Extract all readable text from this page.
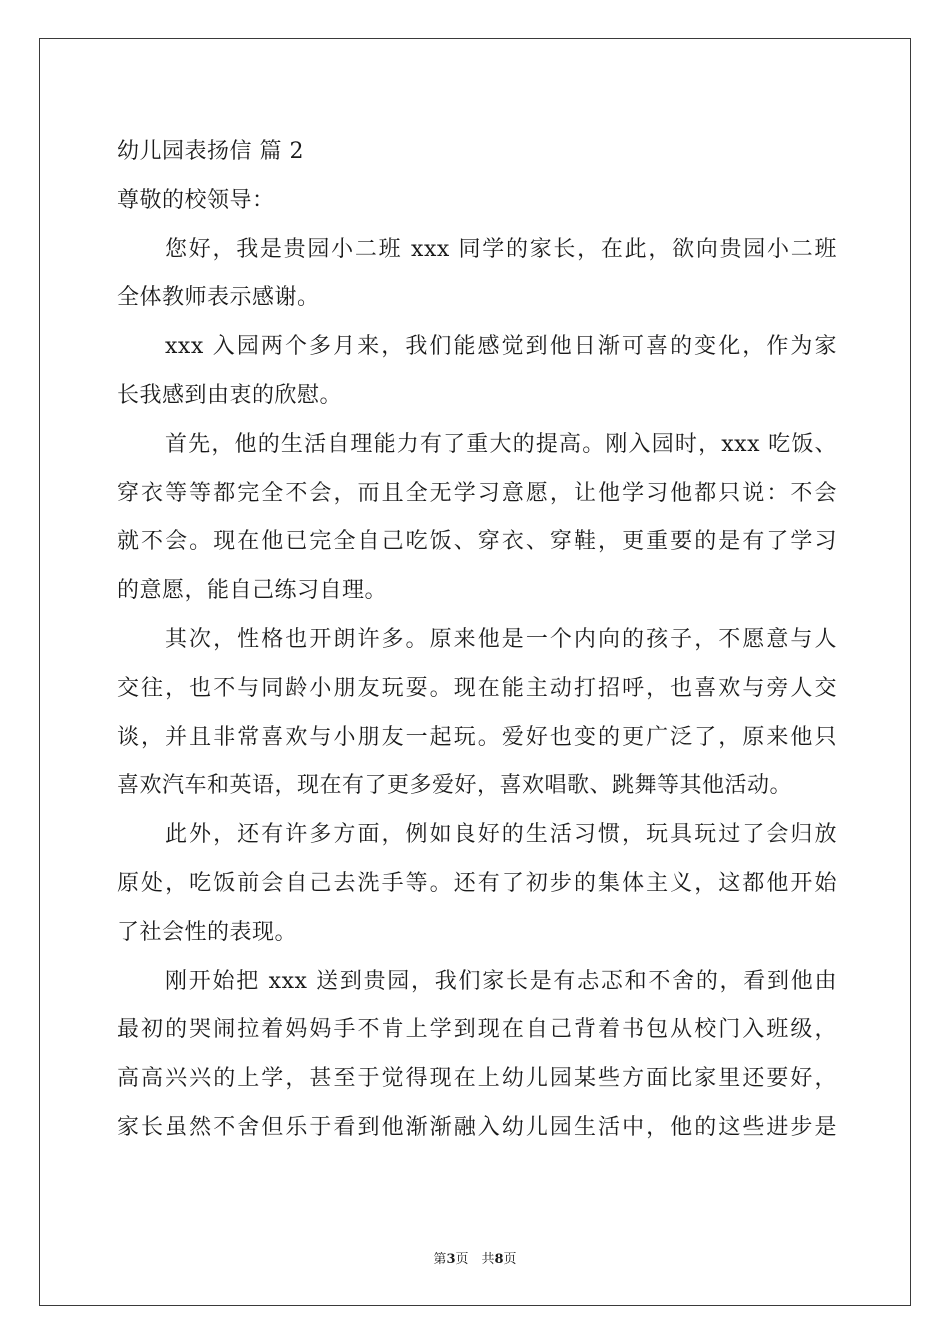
幼儿园表扬信 篇 2
尊敬的校领导：
您好，我是贵园小二班 xxx 同学的家长，在此，欲向贵园小二班
全体教师表示感谢。
xxx 入园两个多月来，我们能感觉到他日渐可喜的变化，作为家
长我感到由衷的欣慰。
首先，他的生活自理能力有了重大的提高。刚入园时，xxx 吃饭、
穿衣等等都完全不会，而且全无学习意愿，让他学习他都只说：不会
就不会。现在他已完全自己吃饭、穿衣、穿鞋，更重要的是有了学习
的意愿，能自己练习自理。
其次，性格也开朗许多。原来他是一个内向的孩子，不愿意与人
交往，也不与同龄小朋友玩耍。现在能主动打招呼，也喜欢与旁人交
谈，并且非常喜欢与小朋友一起玩。爱好也变的更广泛了，原来他只
喜欢汽车和英语，现在有了更多爱好，喜欢唱歌、跳舞等其他活动。
此外，还有许多方面，例如良好的生活习惯，玩具玩过了会归放
原处，吃饭前会自己去洗手等。还有了初步的集体主义，这都他开始
了社会性的表现。
刚开始把 xxx 送到贵园，我们家长是有忐忑和不舍的，看到他由
最初的哭闹拉着妈妈手不肯上学到现在自己背着书包从校门入班级，
高高兴兴的上学，甚至于觉得现在上幼儿园某些方面比家里还要好，
家长虽然不舍但乐于看到他渐渐融入幼儿园生活中，他的这些进步是
第3页　共8页
